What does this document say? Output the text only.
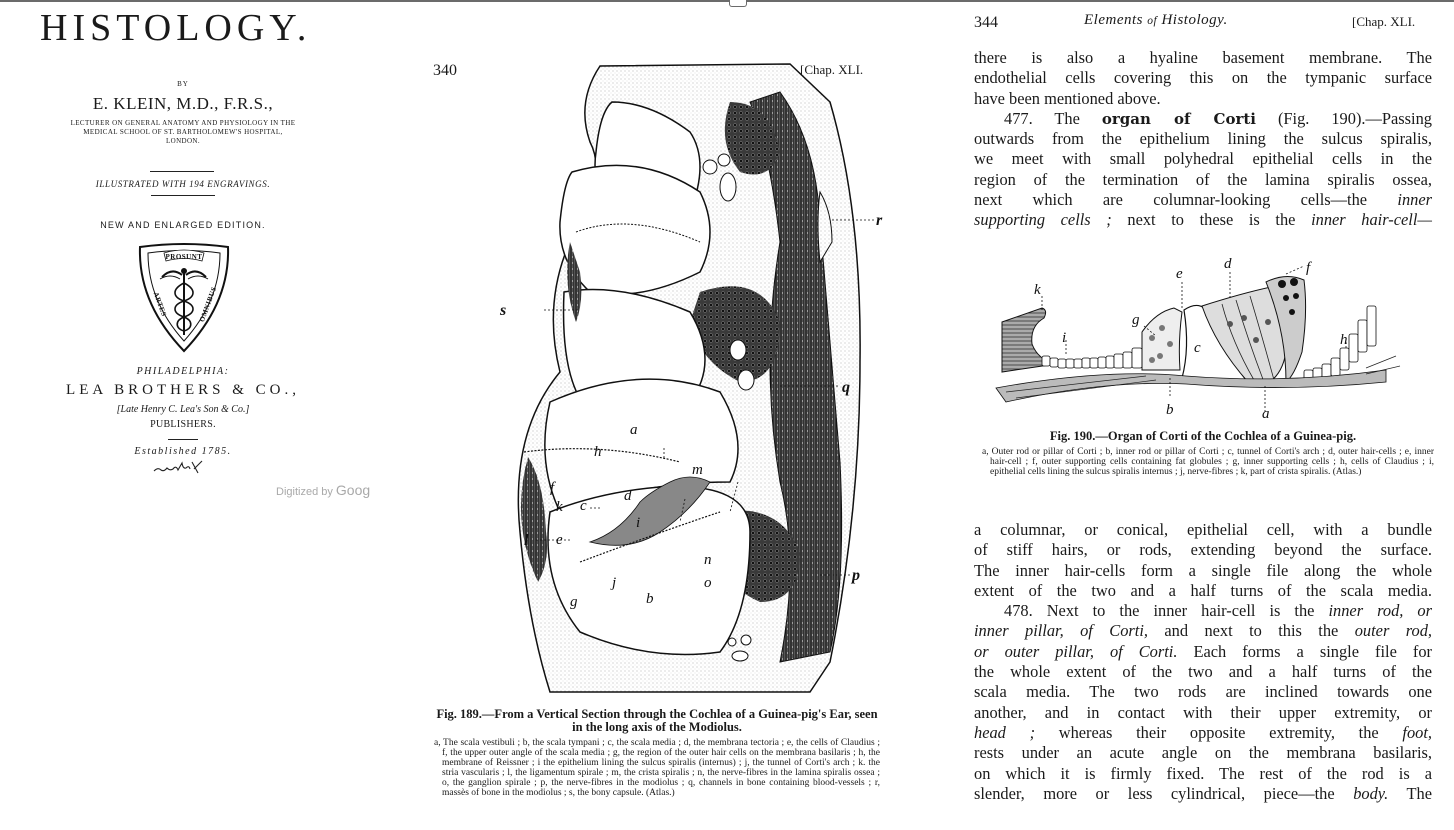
HISTOLOGY.
BY
E. KLEIN, M.D., F.R.S.,
LECTURER ON GENERAL ANATOMY AND PHYSIOLOGY IN THE
MEDICAL SCHOOL OF ST. BARTHOLOMEW'S HOSPITAL,
LONDON.
ILLUSTRATED WITH 194 ENGRAVINGS.
NEW AND ENLARGED EDITION.
PROSUNT
ARTES	OMNIBUS
PHILADELPHIA:
LEA BROTHERS & CO.,
[Late Henry C. Lea's Son & Co.]
PUBLISHERS.
Established 1785.
Digitized by Goog
340	[Chap. XLI.
r
s
q
a
h
f
k c
d
m
i
l e
n
j	o	p
g	b
Fig. 189.—From a Vertical Section through the Cochlea of a Guinea-pig's Ear, seen in the long axis of the Modiolus.
a, The scala vestibuli ; b, the scala tympani ; c, the scala media ; d, the membrana tectoria ; e, the cells of Claudius ; f, the upper outer angle of the scala media ; g, the region of the outer hair cells on the membrana basilaris ; h, the membrane of Reissner ; i the epithelium lining the sulcus spiralis (internus) ; j, the tunnel of Corti's arch ; k. the stria vascularis ; l, the ligamentum spirale ; m, the crista spiralis ; n, the nerve-fibres in the lamina spiralis ossea ; o, the ganglion spirale ; p, the nerve-fibres in the modiolus ; q, channels in bone containing blood-vessels ; r, massès of bone in the modiolus ; s, the bony capsule. (Atlas.)
344	Elements of Histology.	[Chap. XLI.
there is also a hyaline basement membrane. The
endothelial cells covering this on the tympanic surface
have been mentioned above.
477. The organ of Corti (Fig. 190).—Passing
outwards from the epithelium lining the sulcus spiralis,
we meet with small polyhedral epithelial cells in the
region of the termination of the lamina spiralis ossea,
next which are columnar-looking cells—the inner
supporting cells ; next to these is the inner hair-cell—
k
e
d	f
g
i
c	h
b	a
Fig. 190.—Organ of Corti of the Cochlea of a Guinea-pig.
a, Outer rod or pillar of Corti ; b, inner rod or pillar of Corti ; c, tunnel of Corti's arch ; d, outer hair-cells ; e, inner hair-cell ; f, outer supporting cells containing fat globules ; g, inner supporting cells ; h, cells of Claudius ; i, epithelial cells lining the sulcus spiralis internus ; j, nerve-fibres ; k, part of crista spiralis. (Atlas.)
a columnar, or conical, epithelial cell, with a bundle
of stiff hairs, or rods, extending beyond the surface.
The inner hair-cells form a single file along the whole
extent of the two and a half turns of the scala media.
478. Next to the inner hair-cell is the inner rod, or
inner pillar, of Corti, and next to this the outer rod,
or outer pillar, of Corti. Each forms a single file for
the whole extent of the two and a half turns of the
scala media. The two rods are inclined towards one
another, and in contact with their upper extremity, or
head ; whereas their opposite extremity, the foot,
rests under an acute angle on the membrana basilaris,
on which it is firmly fixed. The rest of the rod is a
slender, more or less cylindrical, piece—the body. The
